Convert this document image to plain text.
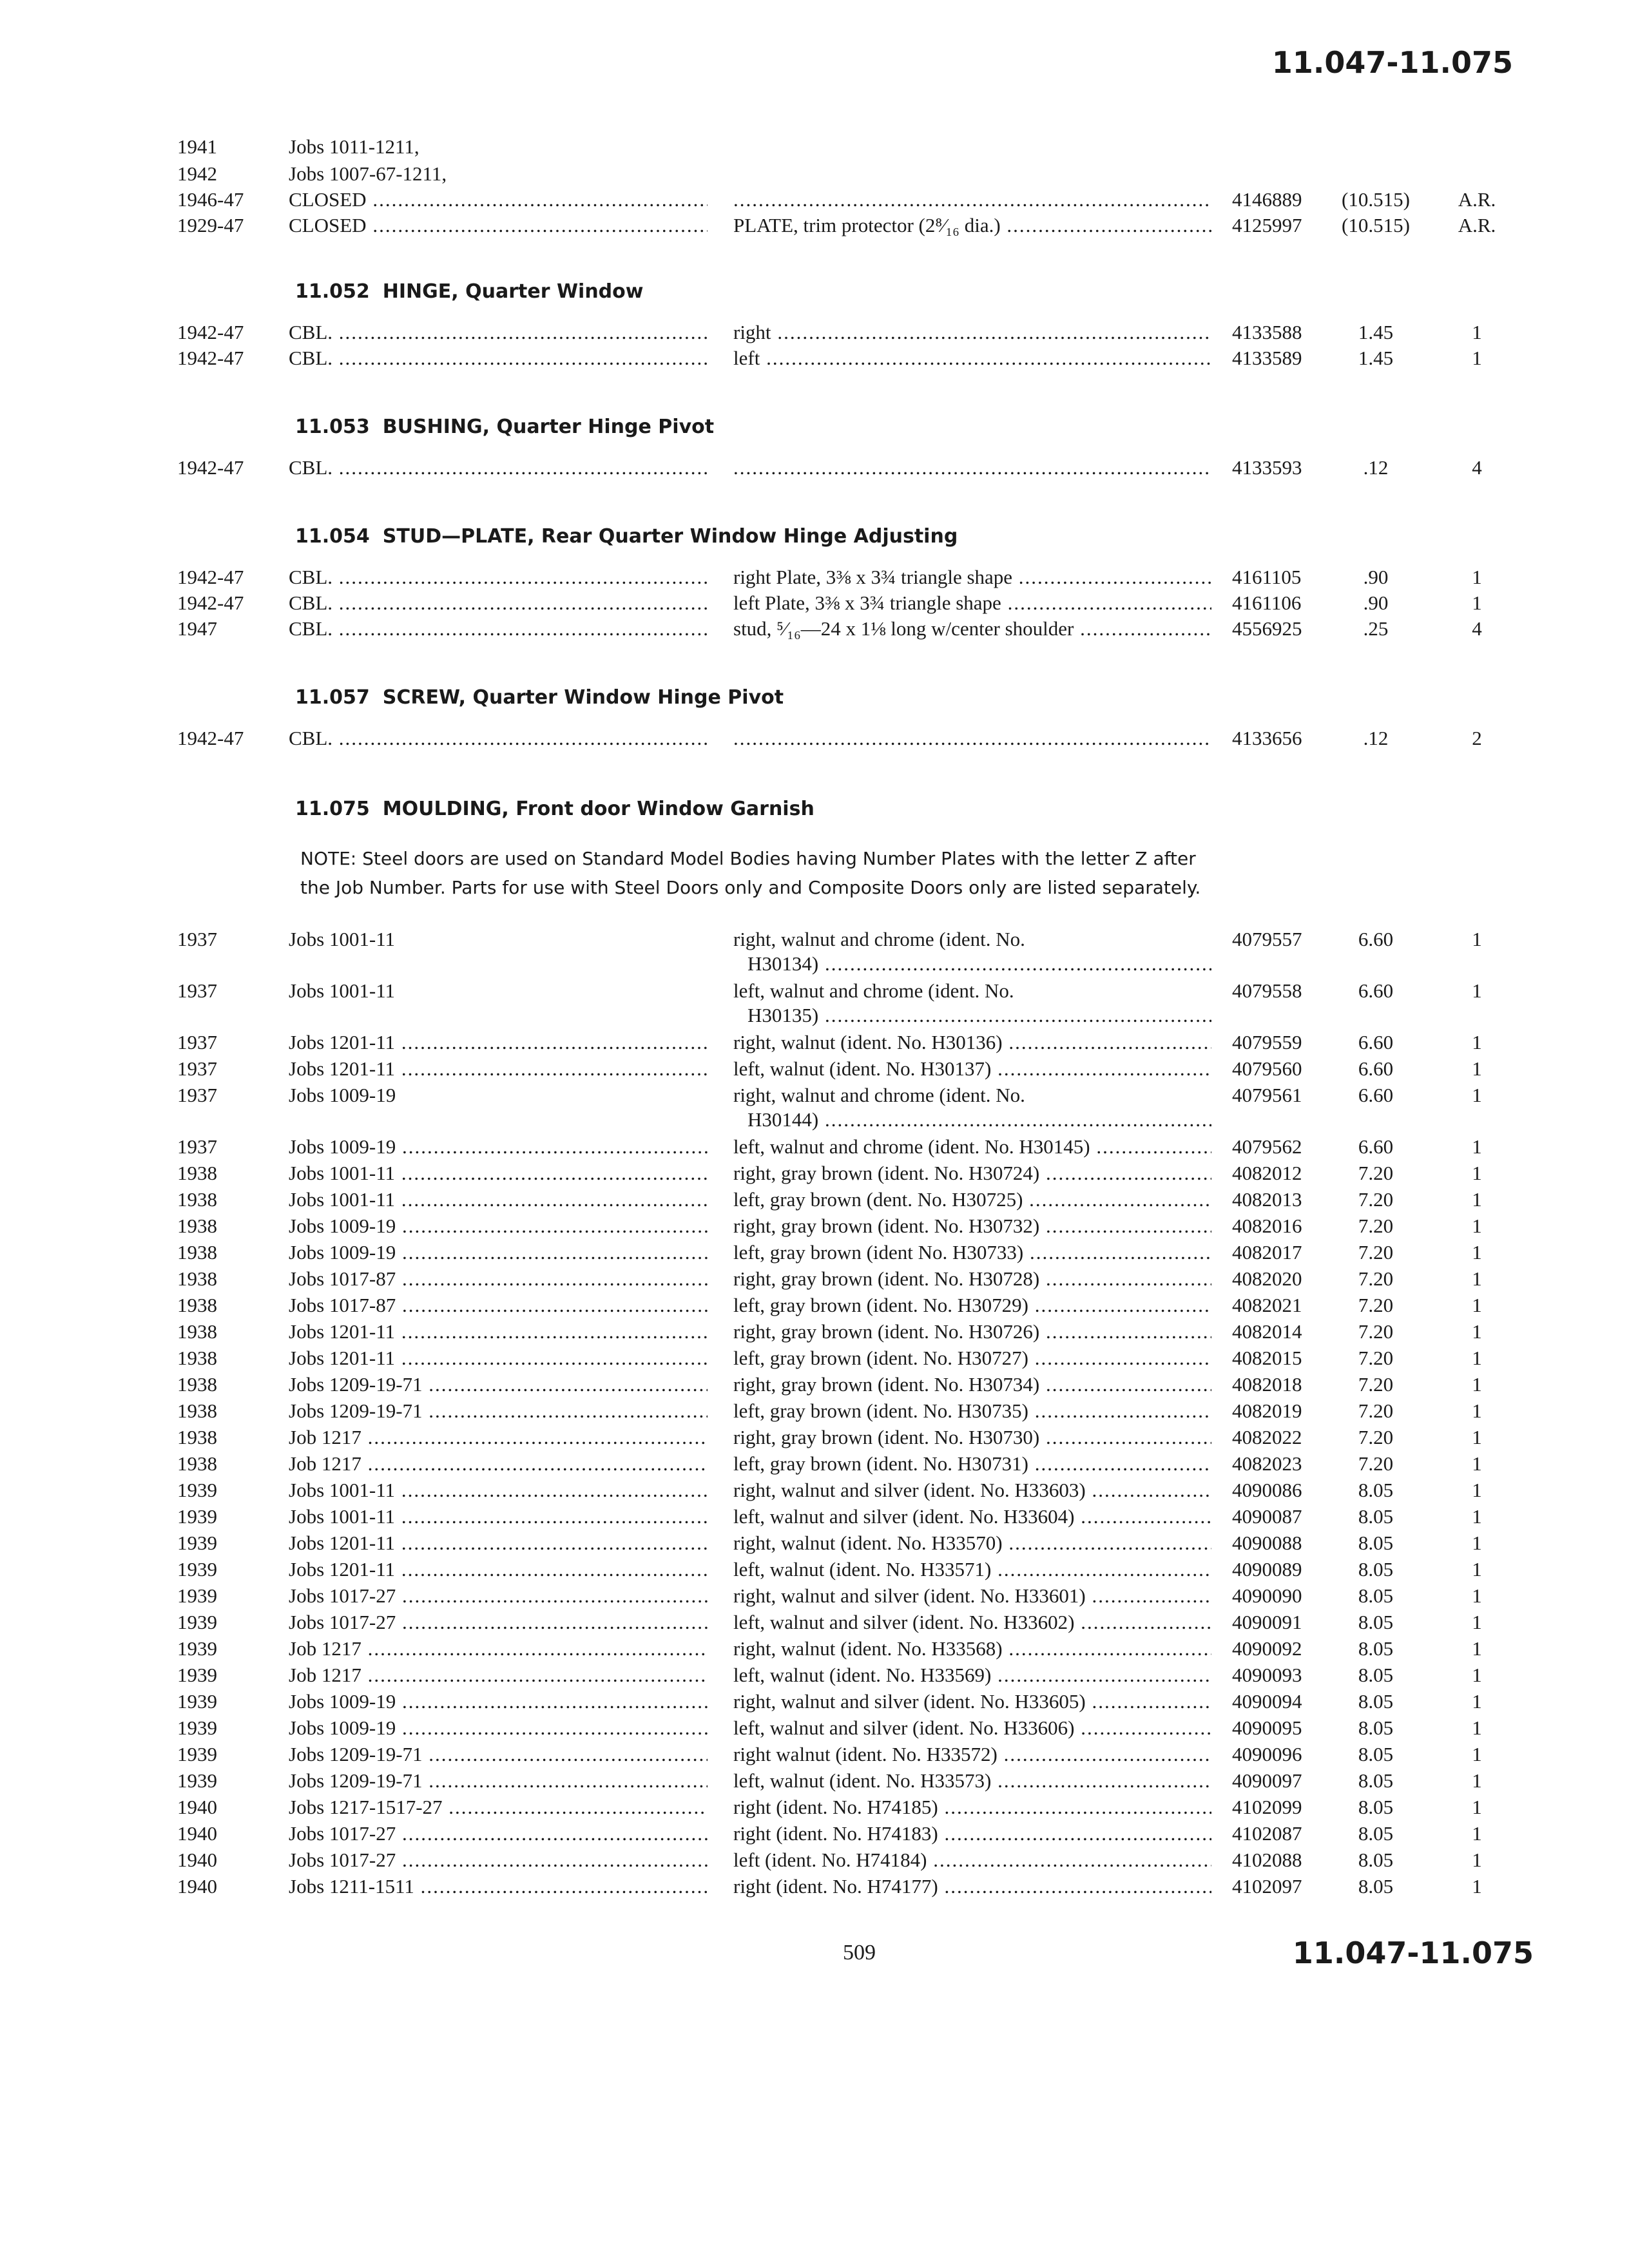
11.047-11.075
1941	Jobs 1011-1211,
1942	Jobs 1007-67-1211,
1946-47 CLOSED ..... .....	4146889	(10.515)	A.R.
1929-47 CLOSED .....	PLATE, trim protector (2⁸⁄₁₆ dia.) .....	4125997	(10.515)	A.R.
11.052 HINGE, Quarter Window
1942-47 CBL. .....	right .....	4133588	1.45	1
1942-47 CBL. .....	left .....	4133589	1.45	1
11.053 BUSHING, Quarter Hinge Pivot
1942-47 CBL. ..... .....	4133593	.12	4
11.054 STUD—PLATE, Rear Quarter Window Hinge Adjusting
1942-47 CBL. .....	right Plate, 3⅜ x 3¾ triangle shape .....	4161105	.90	1
1942-47 CBL. .....	left Plate, 3⅜ x 3¾ triangle shape .....	4161106	.90	1
1947	CBL. .....	stud, ⁵⁄₁₆—24 x 1⅛ long w/center shoulder .....	4556925	.25	4
11.057 SCREW, Quarter Window Hinge Pivot
1942-47 CBL. ..... .....	4133656	.12	2
11.075 MOULDING, Front door Window Garnish
NOTE: Steel doors are used on Standard Model Bodies having Number Plates with the letter Z after the Job Number. Parts for use with Steel Doors only and Composite Doors only are listed separately.
1937	Jobs 1001-11	right, walnut and chrome (ident. No.	4079557	6.60	1
H30134) .....
1937	Jobs 1001-11	left, walnut and chrome (ident. No.	4079558	6.60	1
H30135) .....
1937	Jobs 1201-11 .....	right, walnut (ident. No. H30136) .....	4079559	6.60	1
1937	Jobs 1201-11 .....	left, walnut (ident. No. H30137) .....	4079560	6.60	1
1937	Jobs 1009-19	right, walnut and chrome (ident. No.	4079561	6.60	1
H30144) .....
1937	Jobs 1009-19 .....	left, walnut and chrome (ident. No. H30145) .....	4079562	6.60	1
1938	Jobs 1001-11 .....	right, gray brown (ident. No. H30724) .....	4082012	7.20	1
1938	Jobs 1001-11 .....	left, gray brown (dent. No. H30725) .....	4082013	7.20	1
1938	Jobs 1009-19 .....	right, gray brown (ident. No. H30732) .....	4082016	7.20	1
1938	Jobs 1009-19 .....	left, gray brown (ident No. H30733) .....	4082017	7.20	1
1938	Jobs 1017-87 .....	right, gray brown (ident. No. H30728) .....	4082020	7.20	1
1938	Jobs 1017-87 .....	left, gray brown (ident. No. H30729) .....	4082021	7.20	1
1938	Jobs 1201-11 .....	right, gray brown (ident. No. H30726) .....	4082014	7.20	1
1938	Jobs 1201-11 .....	left, gray brown (ident. No. H30727) .....	4082015	7.20	1
1938	Jobs 1209-19-71 .....	right, gray brown (ident. No. H30734) .....	4082018	7.20	1
1938	Jobs 1209-19-71 .....	left, gray brown (ident. No. H30735) .....	4082019	7.20	1
1938	Job 1217 .....	right, gray brown (ident. No. H30730) .....	4082022	7.20	1
1938	Job 1217 .....	left, gray brown (ident. No. H30731) .....	4082023	7.20	1
1939	Jobs 1001-11 .....	right, walnut and silver (ident. No. H33603) .....	4090086	8.05	1
1939	Jobs 1001-11 .....	left, walnut and silver (ident. No. H33604) .....	4090087	8.05	1
1939	Jobs 1201-11 .....	right, walnut (ident. No. H33570) .....	4090088	8.05	1
1939	Jobs 1201-11 .....	left, walnut (ident. No. H33571) .....	4090089	8.05	1
1939	Jobs 1017-27 .....	right, walnut and silver (ident. No. H33601) .....	4090090	8.05	1
1939	Jobs 1017-27 .....	left, walnut and silver (ident. No. H33602) .....	4090091	8.05	1
1939	Job 1217 .....	right, walnut (ident. No. H33568) .....	4090092	8.05	1
1939	Job 1217 .....	left, walnut (ident. No. H33569) .....	4090093	8.05	1
1939	Jobs 1009-19 .....	right, walnut and silver (ident. No. H33605) .....	4090094	8.05	1
1939	Jobs 1009-19 .....	left, walnut and silver (ident. No. H33606) .....	4090095	8.05	1
1939	Jobs 1209-19-71 .....	right walnut (ident. No. H33572) .....	4090096	8.05	1
1939	Jobs 1209-19-71 .....	left, walnut (ident. No. H33573) .....	4090097	8.05	1
1940	Jobs 1217-1517-27 .....	right (ident. No. H74185) .....	4102099	8.05	1
1940	Jobs 1017-27 .....	right (ident. No. H74183) .....	4102087	8.05	1
1940	Jobs 1017-27 .....	left (ident. No. H74184) .....	4102088	8.05	1
1940	Jobs 1211-1511 .....	right (ident. No. H74177) .....	4102097	8.05	1
509	11.047-11.075
